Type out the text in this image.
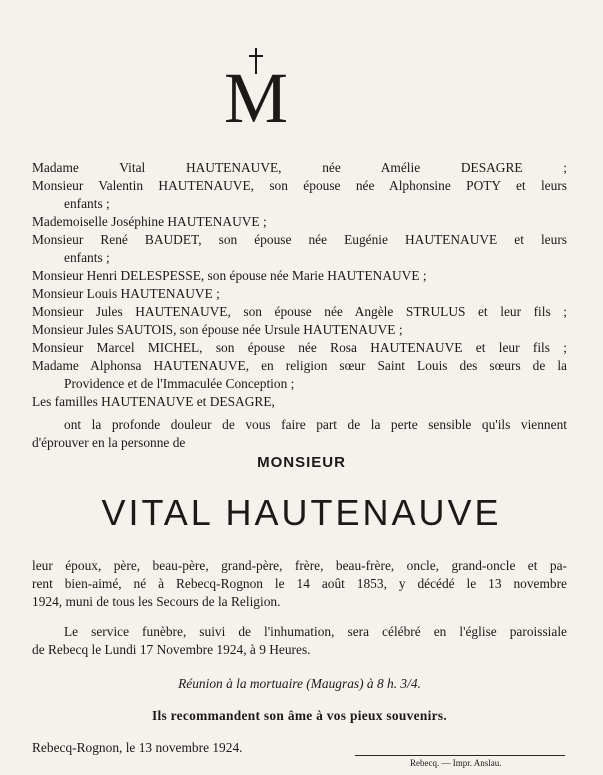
M
Madame Vital HAUTENAUVE, née Amélie DESAGRE ;
Monsieur Valentin HAUTENAUVE, son épouse née Alphonsine POTY et leurs
enfants ;
Mademoiselle Joséphine HAUTENAUVE ;
Monsieur René BAUDET, son épouse née Eugénie HAUTENAUVE et leurs
enfants ;
Monsieur Henri DELESPESSE, son épouse née Marie HAUTENAUVE ;
Monsieur Louis HAUTENAUVE ;
Monsieur Jules HAUTENAUVE, son épouse née Angèle STRULUS et leur fils ;
Monsieur Jules SAUTOIS, son épouse née Ursule HAUTENAUVE ;
Monsieur Marcel MICHEL, son épouse née Rosa HAUTENAUVE et leur fils ;
Madame Alphonsa HAUTENAUVE, en religion sœur Saint Louis des sœurs de la
Providence et de l'Immaculée Conception ;
Les familles HAUTENAUVE et DESAGRE,
ont la profonde douleur de vous faire part de la perte sensible qu'ils viennent
d'éprouver en la personne de
MONSIEUR
VITAL HAUTENAUVE
leur époux, père, beau-père, grand-père, frère, beau-frère, oncle, grand-oncle et pa-
rent bien-aimé, né à Rebecq-Rognon le 14 août 1853, y décédé le 13 novembre
1924, muni de tous les Secours de la Religion.
Le service funèbre, suivi de l'inhumation, sera célébré en l'église paroissiale
de Rebecq le Lundi 17 Novembre 1924, à 9 Heures.
Réunion à la mortuaire (Maugras) à 8 h. 3/4.
Ils recommandent son âme à vos pieux souvenirs.
Rebecq-Rognon, le 13 novembre 1924.
Rebecq. — Impr. Anslau.
